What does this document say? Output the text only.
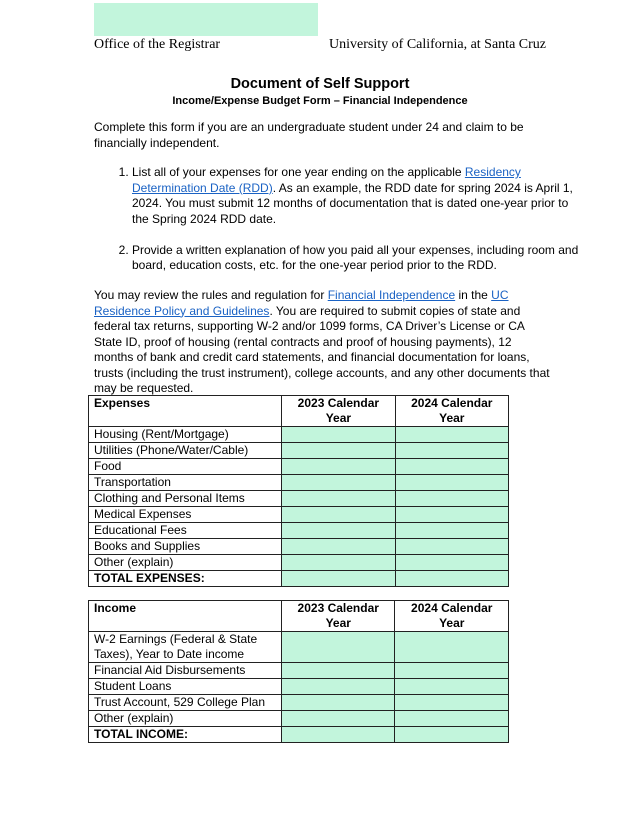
Office of the Registrar	University of California, at Santa Cruz
Document of Self Support
Income/Expense Budget Form – Financial Independence
Complete this form if you are an undergraduate student under 24 and claim to be financially independent.
1. List all of your expenses for one year ending on the applicable Residency Determination Date (RDD). As an example, the RDD date for spring 2024 is April 1, 2024. You must submit 12 months of documentation that is dated one-year prior to the Spring 2024 RDD date.
2. Provide a written explanation of how you paid all your expenses, including room and board, education costs, etc. for the one-year period prior to the RDD.
You may review the rules and regulation for Financial Independence in the UC Residence Policy and Guidelines. You are required to submit copies of state and federal tax returns, supporting W-2 and/or 1099 forms, CA Driver’s License or CA State ID, proof of housing (rental contracts and proof of housing payments), 12 months of bank and credit card statements, and financial documentation for loans, trusts (including the trust instrument), college accounts, and any other documents that may be requested.
Expenses	2023 Calendar Year	2024 Calendar Year
Housing (Rent/Mortgage)		
Utilities (Phone/Water/Cable)		
Food		
Transportation		
Clothing and Personal Items		
Medical Expenses		
Educational Fees		
Books and Supplies		
Other (explain)		
TOTAL EXPENSES:		
Income	2023 Calendar Year	2024 Calendar Year
W-2 Earnings (Federal & State Taxes), Year to Date income		
Financial Aid Disbursements		
Student Loans		
Trust Account, 529 College Plan		
Other (explain)		
TOTAL INCOME:		
